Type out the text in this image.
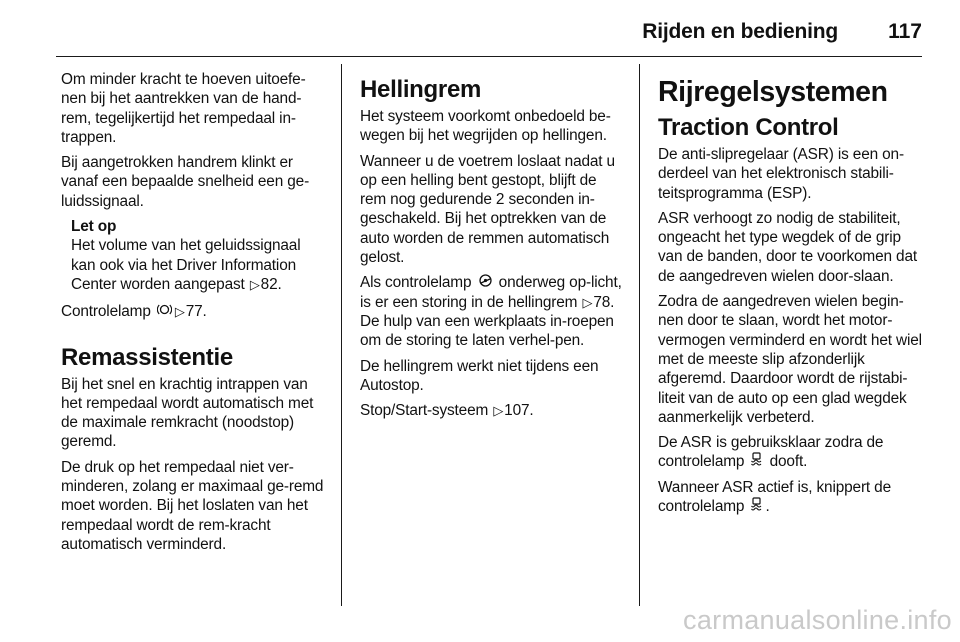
Rijden en bediening 117

Om minder kracht te hoeven uitoefe-nen bij het aantrekken van de hand-rem, tegelijkertijd het rempedaal in-trappen.

Bij aangetrokken handrem klinkt er vanaf een bepaalde snelheid een ge-luidssignaal.

Let op
Het volume van het geluidssignaal kan ook via het Driver Information Center worden aangepast ▷82.

Controlelamp ▷77.

Remassistentie

Bij het snel en krachtig intrappen van het rempedaal wordt automatisch met de maximale remkracht (noodstop) geremd.

De druk op het rempedaal niet ver-minderen, zolang er maximaal ge-remd moet worden. Bij het loslaten van het rempedaal wordt de rem-kracht automatisch verminderd.

Hellingrem

Het systeem voorkomt onbedoeld be-wegen bij het wegrijden op hellingen.

Wanneer u de voetrem loslaat nadat u op een helling bent gestopt, blijft de rem nog gedurende 2 seconden in-geschakeld. Bij het optrekken van de auto worden de remmen automatisch gelost.

Als controlelamp onderweg op-licht, is er een storing in de hellingrem ▷78. De hulp van een werkplaats in-roepen om de storing te laten verhel-pen.

De hellingrem werkt niet tijdens een Autostop.

Stop/Start-systeem ▷107.

Rijregelsystemen
Traction Control

De anti-slipregelaar (ASR) is een on-derdeel van het elektronisch stabili-teitsprogramma (ESP).

ASR verhoogt zo nodig de stabiliteit, ongeacht het type wegdek of de grip van de banden, door te voorkomen dat de aangedreven wielen door-slaan.

Zodra de aangedreven wielen begin-nen door te slaan, wordt het motor-vermogen verminderd en wordt het wiel met de meeste slip afzonderlijk afgeremd. Daardoor wordt de rijstabi-liteit van de auto op een glad wegdek aanmerkelijk verbeterd.

De ASR is gebruiksklaar zodra de controlelamp dooft.

Wanneer ASR actief is, knippert de controlelamp .

carmanualsonline.info
